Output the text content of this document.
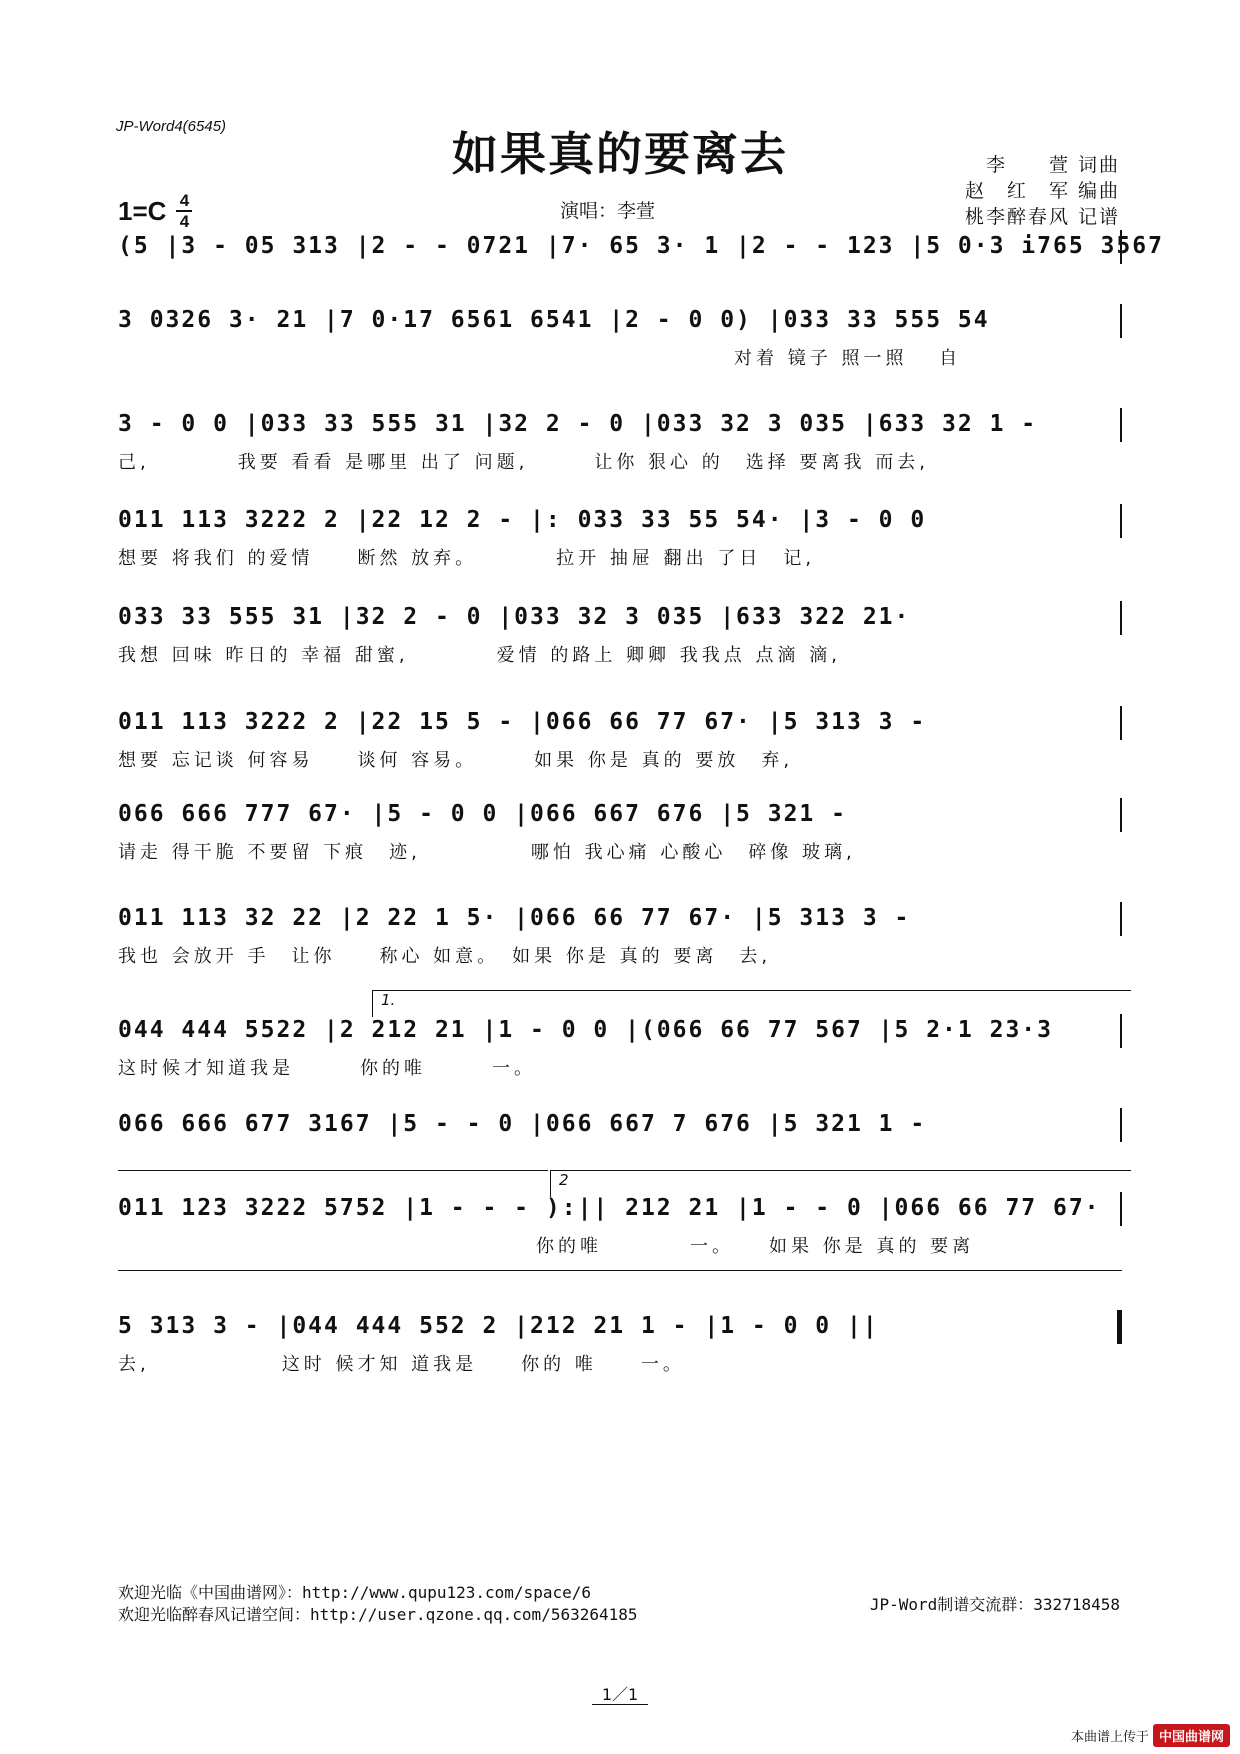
JP-Word4(6545)
如果真的要离去
1=C 4
4	演唱：李萱
李　　萱 词曲
赵　红　军 编曲
桃李醉春风 记谱
(5 |3 - 05 313 |2 - - 0721 |7· 65 3· 1 |2 - - 123 |5 0·3 i765 3567
3 0326 3· 21 |7 0·17 6561 6541 |2 - 0 0) |033 33 555 54
　　　　　　　　　　　　　　　　　　　　　　　　　　　　对着 镜子 照一照　 自
3 - 0 0 |033 33 555 31 |32 2 - 0 |033 32 3 035 |633 32 1 -
己,　　　　我要 看看 是哪里 出了 问题,　　　让你 狠心 的　选择 要离我 而去,
011 113 3222 2 |22 12 2 - |: 033 33 55 54· |3 - 0 0
想要 将我们 的爱情　　断然 放弃。　　　　拉开 抽屉 翻出 了日　记,
033 33 555 31 |32 2 - 0 |033 32 3 035 |633 322 21·
我想 回味 昨日的 幸福 甜蜜,　　　　爱情 的路上 卿卿 我我点 点滴 滴,
011 113 3222 2 |22 15 5 - |066 66 77 67· |5 313 3 -
想要 忘记谈 何容易　　谈何 容易。　　　如果 你是 真的 要放　弃,
066 666 777 67· |5 - 0 0 |066 667 676 |5 321 -
请走 得干脆 不要留 下痕　迹,　　　　　哪怕 我心痛 心酸心　碎像 玻璃,
011 113 32 22 |2 22 1 5· |066 66 77 67· |5 313 3 -
我也 会放开 手　让你　　称心 如意。　如果 你是 真的 要离　去,
1.
044 444 5522 |2 212 21 |1 - 0 0 |(066 66 77 567 |5 2·1 23·3
这时候才知道我是　　　你的唯　　　一。
066 666 677 3167 |5 - - 0 |066 667 7 676 |5 321 1 -
2
011 123 3222 5752 |1 - - - ):|| 212 21 |1 - - 0 |066 66 77 67·
　　　　　　　　　　　　　　　　　　　你的唯　　　　一。　　如果 你是 真的 要离
5 313 3 - |044 444 552 2 |212 21 1 - |1 - 0 0 ||
去,　　　　　　这时 候才知 道我是　　你的 唯　　一。
欢迎光临《中国曲谱网》：http://www.qupu123.com/space/6
欢迎光临醉春风记谱空间：http://user.qzone.qq.com/563264185
JP-Word制谱交流群：332718458
1／1
本曲谱上传于 中国曲谱网
